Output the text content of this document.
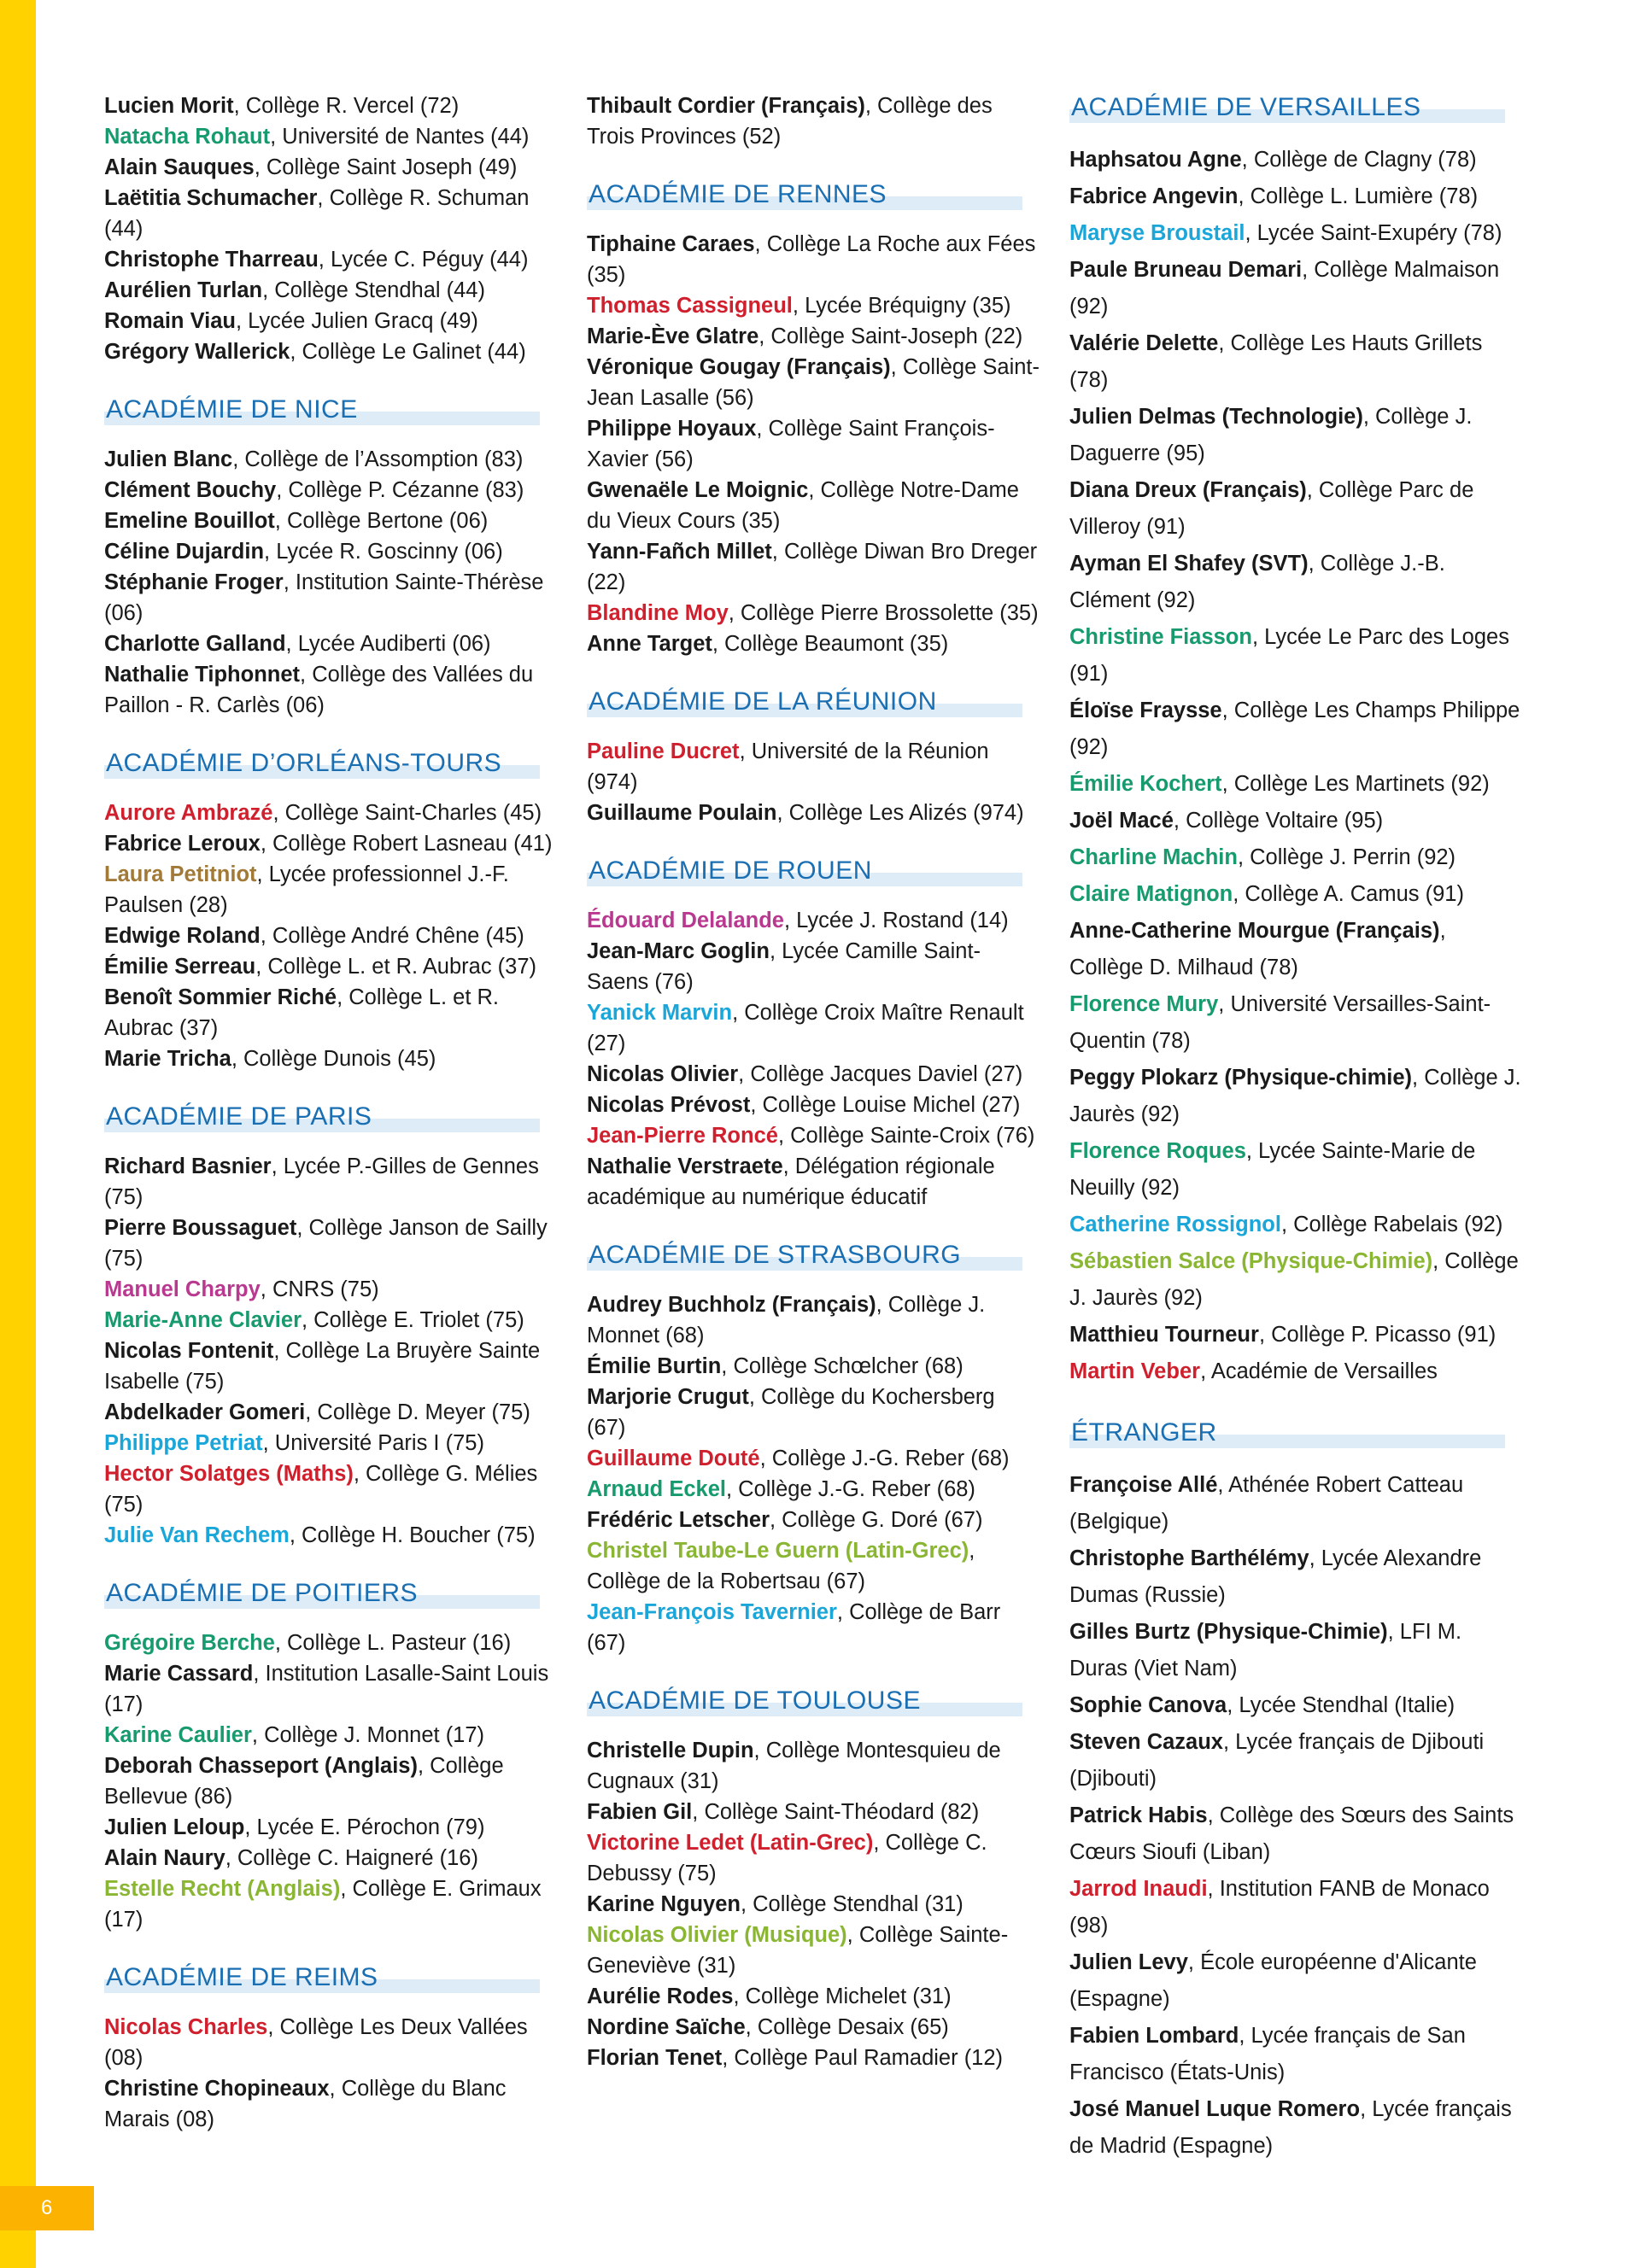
6
Lucien Morit, Collège R. Vercel (72)
Natacha Rohaut, Université de Nantes (44)
Alain Sauques, Collège Saint Joseph (49)
Laëtitia Schumacher, Collège R. Schuman (44)
Christophe Tharreau, Lycée C. Péguy (44)
Aurélien Turlan, Collège Stendhal (44)
Romain Viau, Lycée Julien Gracq (49)
Grégory Wallerick, Collège Le Galinet (44)
ACADÉMIE DE NICE
Julien Blanc, Collège de l’Assomption (83)
Clément Bouchy, Collège P. Cézanne (83)
Emeline Bouillot, Collège Bertone (06)
Céline Dujardin, Lycée R. Goscinny (06)
Stéphanie Froger, Institution Sainte-Thérèse (06)
Charlotte Galland, Lycée Audiberti (06)
Nathalie Tiphonnet, Collège des Vallées du Paillon - R. Carlès (06)
ACADÉMIE D’ORLÉANS-TOURS
Aurore Ambrazé, Collège Saint-Charles (45)
Fabrice Leroux, Collège Robert Lasneau (41)
Laura Petitniot, Lycée professionnel J.-F. Paulsen (28)
Edwige Roland, Collège André Chêne (45)
Émilie Serreau, Collège L. et R. Aubrac (37)
Benoît Sommier Riché, Collège L. et R. Aubrac (37)
Marie Tricha, Collège Dunois (45)
ACADÉMIE DE PARIS
Richard Basnier, Lycée P.-Gilles de Gennes (75)
Pierre Boussaguet, Collège Janson de Sailly (75)
Manuel Charpy, CNRS (75)
Marie-Anne Clavier, Collège E. Triolet (75)
Nicolas Fontenit, Collège La Bruyère Sainte Isabelle (75)
Abdelkader Gomeri, Collège D. Meyer (75)
Philippe Petriat, Université Paris I (75)
Hector Solatges (Maths), Collège G. Mélies (75)
Julie Van Rechem, Collège H. Boucher (75)
ACADÉMIE DE POITIERS
Grégoire Berche, Collège L. Pasteur (16)
Marie Cassard, Institution Lasalle-Saint Louis (17)
Karine Caulier, Collège J. Monnet (17)
Deborah Chasseport (Anglais), Collège Bellevue (86)
Julien Leloup, Lycée E. Pérochon (79)
Alain Naury, Collège C. Haigneré (16)
Estelle Recht (Anglais), Collège E. Grimaux (17)
ACADÉMIE DE REIMS
Nicolas Charles, Collège Les Deux Vallées (08)
Christine Chopineaux, Collège du Blanc Marais (08)
Thibault Cordier (Français), Collège des Trois Provinces (52)
ACADÉMIE DE RENNES
Tiphaine Caraes, Collège La Roche aux Fées (35)
Thomas Cassigneul, Lycée Bréquigny (35)
Marie-Ève Glatre, Collège Saint-Joseph (22)
Véronique Gougay (Français), Collège Saint-Jean Lasalle (56)
Philippe Hoyaux, Collège Saint François-Xavier (56)
Gwenaële Le Moignic, Collège Notre-Dame du Vieux Cours (35)
Yann-Fañch Millet, Collège Diwan Bro Dreger (22)
Blandine Moy, Collège Pierre Brossolette (35)
Anne Target, Collège Beaumont (35)
ACADÉMIE DE LA RÉUNION
Pauline Ducret, Université de la Réunion (974)
Guillaume Poulain, Collège Les Alizés (974)
ACADÉMIE DE ROUEN
Édouard Delalande, Lycée J. Rostand (14)
Jean-Marc Goglin, Lycée Camille Saint-Saens (76)
Yanick Marvin, Collège Croix Maître Renault (27)
Nicolas Olivier, Collège Jacques Daviel (27)
Nicolas Prévost, Collège Louise Michel (27)
Jean-Pierre Roncé, Collège Sainte-Croix (76)
Nathalie Verstraete, Délégation régionale académique au numérique éducatif
ACADÉMIE DE STRASBOURG
Audrey Buchholz (Français), Collège J. Monnet (68)
Émilie Burtin, Collège Schœlcher (68)
Marjorie Crugut, Collège du Kochersberg (67)
Guillaume Douté, Collège J.-G. Reber (68)
Arnaud Eckel, Collège J.-G. Reber (68)
Frédéric Letscher, Collège G. Doré (67)
Christel Taube-Le Guern (Latin-Grec), Collège de la Robertsau (67)
Jean-François Tavernier, Collège de Barr (67)
ACADÉMIE DE TOULOUSE
Christelle Dupin, Collège Montesquieu de Cugnaux (31)
Fabien Gil, Collège Saint-Théodard (82)
Victorine Ledet (Latin-Grec), Collège C. Debussy (75)
Karine Nguyen, Collège Stendhal (31)
Nicolas Olivier (Musique), Collège Sainte-Geneviève (31)
Aurélie Rodes, Collège Michelet (31)
Nordine Saïche, Collège Desaix (65)
Florian Tenet, Collège Paul Ramadier (12)
ACADÉMIE DE VERSAILLES
Haphsatou Agne, Collège de Clagny (78)
Fabrice Angevin, Collège L. Lumière (78)
Maryse Broustail, Lycée Saint-Exupéry (78)
Paule Bruneau Demari, Collège Malmaison (92)
Valérie Delette, Collège Les Hauts Grillets (78)
Julien Delmas (Technologie), Collège J. Daguerre (95)
Diana Dreux (Français), Collège Parc de Villeroy (91)
Ayman El Shafey (SVT), Collège J.-B. Clément (92)
Christine Fiasson, Lycée Le Parc des Loges (91)
Éloïse Fraysse, Collège Les Champs Philippe (92)
Émilie Kochert, Collège Les Martinets (92)
Joël Macé, Collège Voltaire (95)
Charline Machin, Collège J. Perrin (92)
Claire Matignon, Collège A. Camus (91)
Anne-Catherine Mourgue (Français), Collège D. Milhaud (78)
Florence Mury, Université Versailles-Saint-Quentin (78)
Peggy Plokarz (Physique-chimie), Collège J. Jaurès (92)
Florence Roques, Lycée Sainte-Marie de Neuilly (92)
Catherine Rossignol, Collège Rabelais (92)
Sébastien Salce (Physique-Chimie), Collège J. Jaurès (92)
Matthieu Tourneur, Collège P. Picasso (91)
Martin Veber, Académie de Versailles
ÉTRANGER
Françoise Allé, Athénée Robert Catteau (Belgique)
Christophe Barthélémy, Lycée Alexandre Dumas (Russie)
Gilles Burtz (Physique-Chimie), LFI M. Duras (Viet Nam)
Sophie Canova, Lycée Stendhal (Italie)
Steven Cazaux, Lycée français de Djibouti (Djibouti)
Patrick Habis, Collège des Sœurs des Saints Cœurs Sioufi (Liban)
Jarrod Inaudi, Institution FANB de Monaco (98)
Julien Levy, École européenne d'Alicante (Espagne)
Fabien Lombard, Lycée français de San Francisco (États-Unis)
José Manuel Luque Romero, Lycée français de Madrid (Espagne)
